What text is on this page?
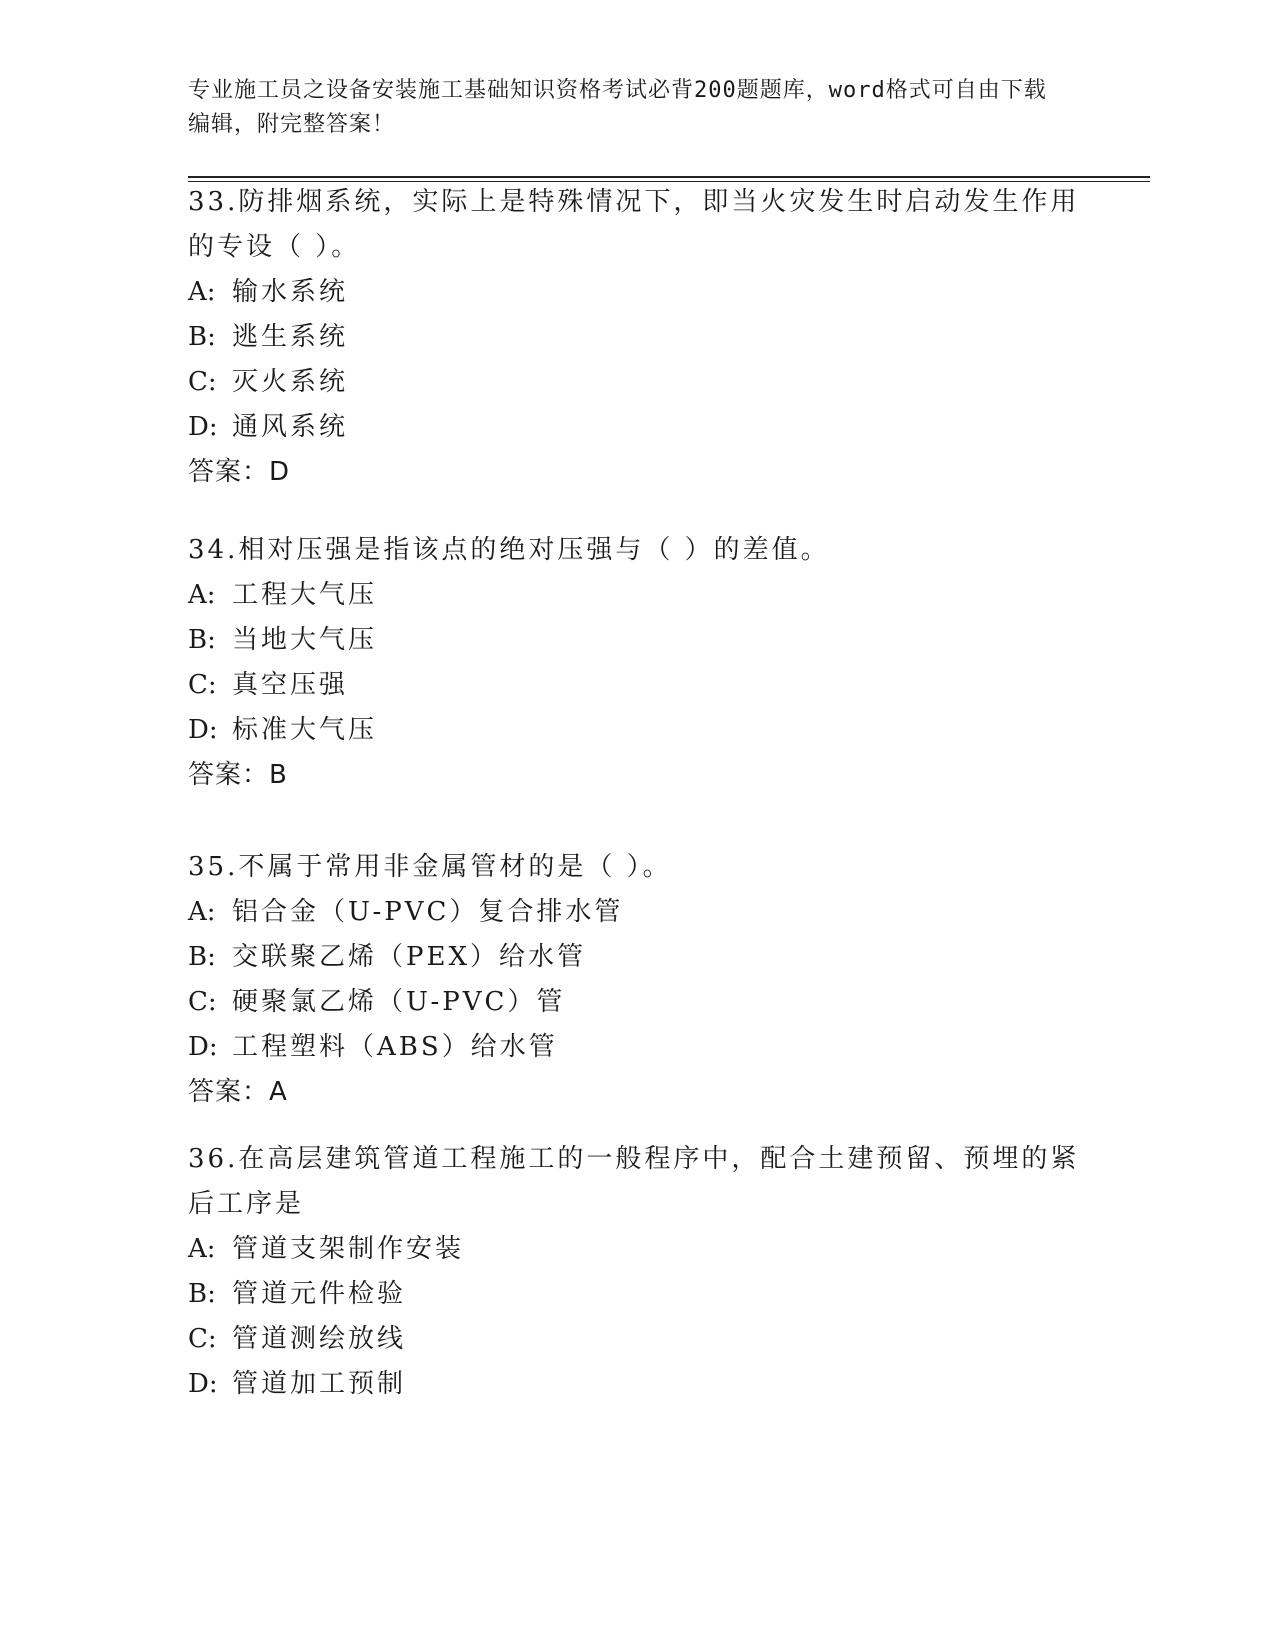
专业施工员之设备安装施工基础知识资格考试必背200题题库，word格式可自由下载编辑，附完整答案！

33.防排烟系统，实际上是特殊情况下，即当火灾发生时启动发生作用的专设（ ）。

A: 输水系统
B: 逃生系统
C: 灭火系统
D: 通风系统
答案：D

34.相对压强是指该点的绝对压强与（ ）的差值。

A: 工程大气压
B: 当地大气压
C: 真空压强
D: 标准大气压
答案：B

35.不属于常用非金属管材的是（ ）。

A: 铝合金（U-PVC）复合排水管
B: 交联聚乙烯（PEX）给水管
C: 硬聚氯乙烯（U-PVC）管
D: 工程塑料（ABS）给水管
答案：A

36.在高层建筑管道工程施工的一般程序中，配合土建预留、预埋的紧后工序是

A: 管道支架制作安装
B: 管道元件检验
C: 管道测绘放线
D: 管道加工预制
